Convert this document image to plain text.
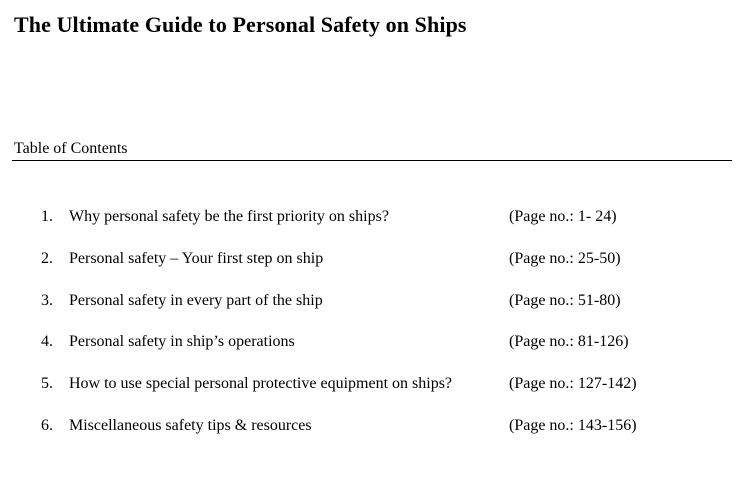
The Ultimate Guide to Personal Safety on Ships
Table of Contents
1. Why personal safety be the first priority on ships?	(Page no.: 1- 24)
2. Personal safety – Your first step on ship	(Page no.: 25-50)
3. Personal safety in every part of the ship	(Page no.: 51-80)
4. Personal safety in ship’s operations	(Page no.: 81-126)
5. How to use special personal protective equipment on ships?	(Page no.: 127-142)
6. Miscellaneous safety tips & resources	(Page no.: 143-156)
